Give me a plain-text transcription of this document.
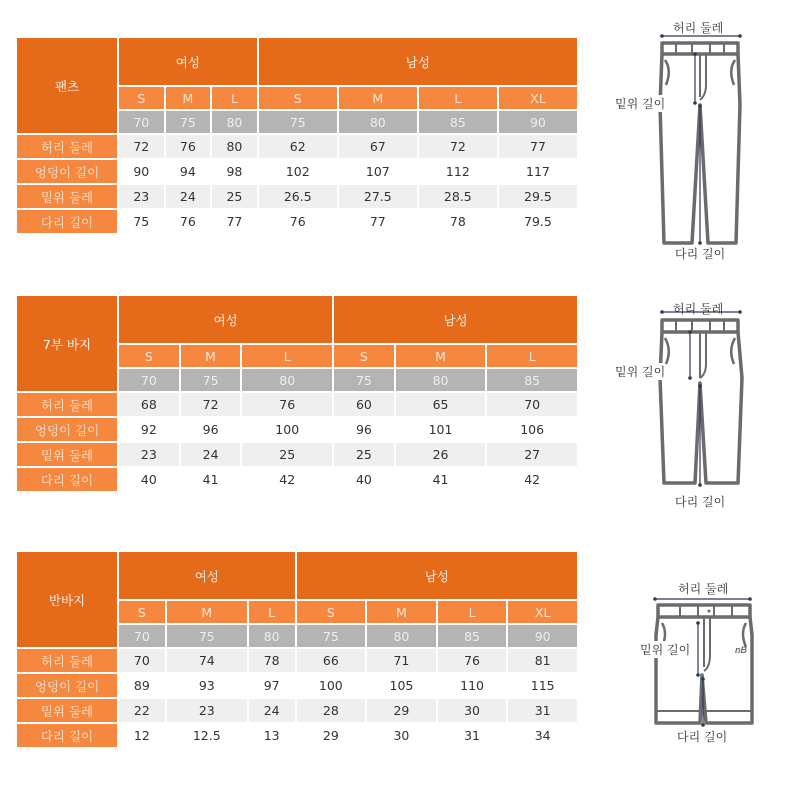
팬츠	여성			남성			
	S	M	L	S	M	L	XL
	70	75	80	75	80	85	90
허리 둘레	72	76	80	62	67	72	77
엉덩이 길이	90	94	98	102	107	112	117
밑위 둘레	23	24	25	26.5	27.5	28.5	29.5
다리 길이	75	76	77	76	77	78	79.5
7부 바지	여성			남성		
	S	M	L	S	M	L
	70	75	80	75	80	85
허리 둘레	68	72	76	60	65	70
엉덩이 길이	92	96	100	96	101	106
밑위 둘레	23	24	25	25	26	27
다리 길이	40	41	42	40	41	42
반바지	여성			남성			
	S	M	L	S	M	L	XL
	70	75	80	75	80	85	90
허리 둘레	70	74	78	66	71	76	81
엉덩이 길이	89	93	97	100	105	110	115
밑위 둘레	22	23	24	28	29	30	31
다리 길이	12	12.5	13	29	30	31	34
허리 둘레
밑위 길이
다리 길이
허리 둘레
밑위 길이
다리 길이
nB
허리 둘레
밑위 길이
다리 길이
